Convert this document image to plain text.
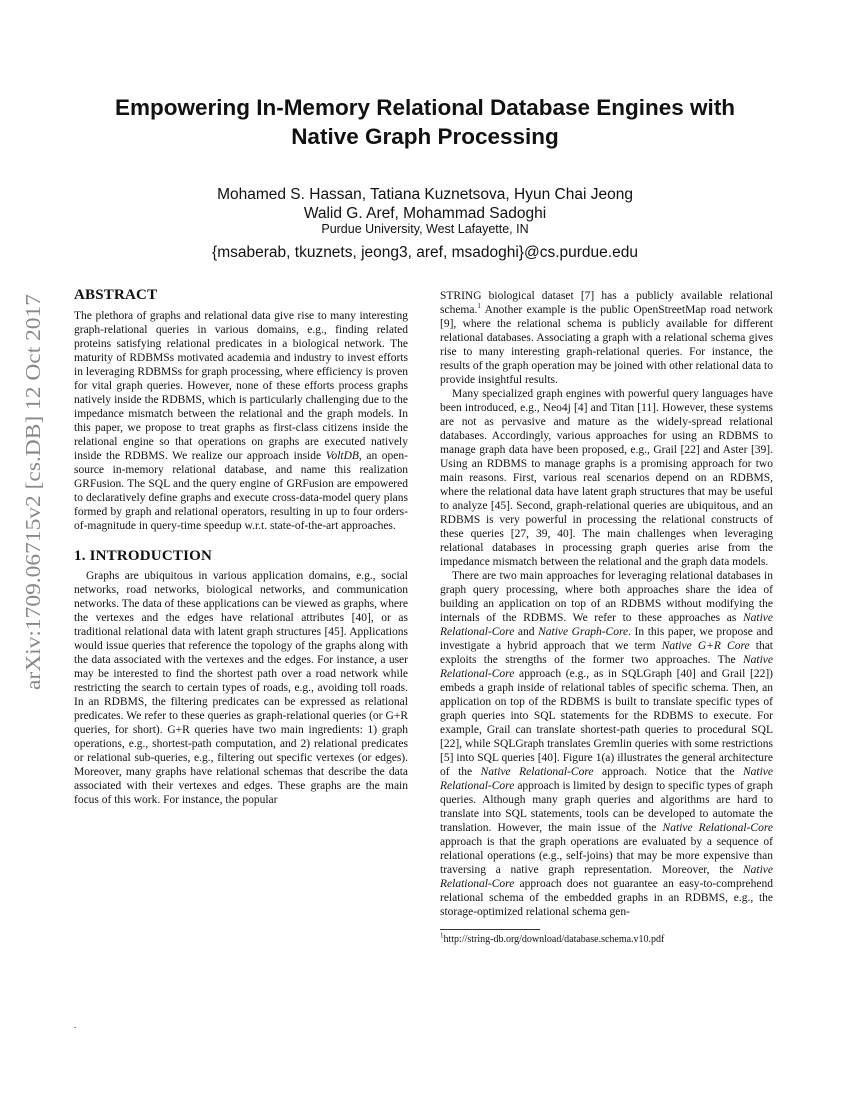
Empowering In-Memory Relational Database Engines with
Native Graph Processing
Mohamed S. Hassan, Tatiana Kuznetsova, Hyun Chai Jeong
Walid G. Aref, Mohammad Sadoghi
Purdue University, West Lafayette, IN
{msaberab, tkuznets, jeong3, aref, msadoghi}@cs.purdue.edu
arXiv:1709.06715v2 [cs.DB] 12 Oct 2017
ABSTRACT

The plethora of graphs and relational data give rise to many interesting graph-relational queries in various domains, e.g., finding related proteins satisfying relational predicates in a biological network. The maturity of RDBMSs motivated academia and industry to invest efforts in leveraging RDBMSs for graph processing, where efficiency is proven for vital graph queries. However, none of these efforts process graphs natively inside the RDBMS, which is particularly challenging due to the impedance mismatch between the relational and the graph models. In this paper, we propose to treat graphs as first-class citizens inside the relational engine so that operations on graphs are executed natively inside the RDBMS. We realize our approach inside VoltDB, an open-source in-memory relational database, and name this realization GRFusion. The SQL and the query engine of GRFusion are empowered to declaratively define graphs and execute cross-data-model query plans formed by graph and relational operators, resulting in up to four orders-of-magnitude in query-time speedup w.r.t. state-of-the-art approaches.

1. INTRODUCTION

Graphs are ubiquitous in various application domains, e.g., social networks, road networks, biological networks, and communication networks. The data of these applications can be viewed as graphs, where the vertexes and the edges have relational attributes [40], or as traditional relational data with latent graph structures [45]. Applications would issue queries that reference the topology of the graphs along with the data associated with the vertexes and the edges. For instance, a user may be interested to find the shortest path over a road network while restricting the search to certain types of roads, e.g., avoiding toll roads. In an RDBMS, the filtering predicates can be expressed as relational predicates. We refer to these queries as graph-relational queries (or G+R queries, for short). G+R queries have two main ingredients: 1) graph operations, e.g., shortest-path computation, and 2) relational predicates or relational sub-queries, e.g., filtering out specific vertexes (or edges). Moreover, many graphs have relational schemas that describe the data associated with their vertexes and edges. These graphs are the main focus of this work. For instance, the popular

STRING biological dataset [7] has a publicly available relational schema.$^1$ Another example is the public OpenStreetMap road network [9], where the relational schema is publicly available for different relational databases. Associating a graph with a relational schema gives rise to many interesting graph-relational queries. For instance, the results of the graph operation may be joined with other relational data to provide insightful results.

Many specialized graph engines with powerful query languages have been introduced, e.g., Neo4j [4] and Titan [11]. However, these systems are not as pervasive and mature as the widely-spread relational databases. Accordingly, various approaches for using an RDBMS to manage graph data have been proposed, e.g., Grail [22] and Aster [39]. Using an RDBMS to manage graphs is a promising approach for two main reasons. First, various real scenarios depend on an RDBMS, where the relational data have latent graph structures that may be useful to analyze [45]. Second, graph-relational queries are ubiquitous, and an RDBMS is very powerful in processing the relational constructs of these queries [27, 39, 40]. The main challenges when leveraging relational databases in processing graph queries arise from the impedance mismatch between the relational and the graph data models.

There are two main approaches for leveraging relational databases in graph query processing, where both approaches share the idea of building an application on top of an RDBMS without modifying the internals of the RDBMS. We refer to these approaches as Native Relational-Core and Native Graph-Core. In this paper, we propose and investigate a hybrid approach that we term Native G+R Core that exploits the strengths of the former two approaches. The Native Relational-Core approach (e.g., as in SQLGraph [40] and Grail [22]) embeds a graph inside of relational tables of specific schema. Then, an application on top of the RDBMS is built to translate specific types of graph queries into SQL statements for the RDBMS to execute. For example, Grail can translate shortest-path queries to procedural SQL [22], while SQLGraph translates Gremlin queries with some restrictions [5] into SQL queries [40]. Figure 1(a) illustrates the general architecture of the Native Relational-Core approach. Notice that the Native Relational-Core approach is limited by design to specific types of graph queries. Although many graph queries and algorithms are hard to translate into SQL statements, tools can be developed to automate the translation. However, the main issue of the Native Relational-Core approach is that the graph operations are evaluated by a sequence of relational operations (e.g., self-joins) that may be more expensive than traversing a native graph representation. Moreover, the Native Relational-Core approach does not guarantee an easy-to-comprehend relational schema of the embedded graphs in an RDBMS, e.g., the storage-optimized relational schema gen-

$^1$http://string-db.org/download/database.schema.v10.pdf
.
